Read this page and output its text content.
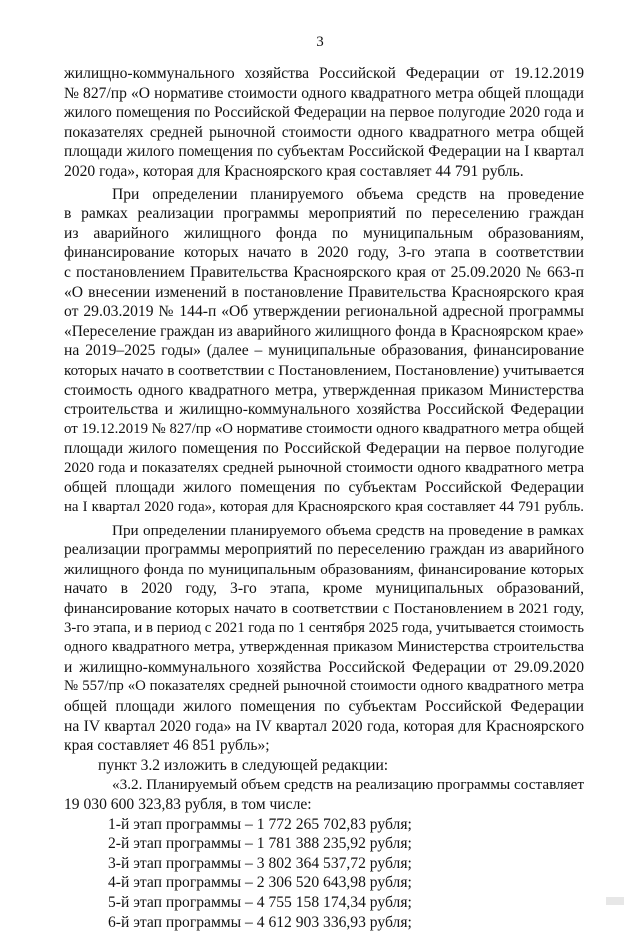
3
жилищно-коммунального хозяйства Российской Федерации от 19.12.2019
№ 827/пр «О нормативе стоимости одного квадратного метра общей площади
жилого помещения по Российской Федерации на первое полугодие 2020 года и
показателях средней рыночной стоимости одного квадратного метра общей
площади жилого помещения по субъектам Российской Федерации на I квартал
2020 года», которая для Красноярского края составляет 44 791 рубль.
При определении планируемого объема средств на проведение
в рамках реализации программы мероприятий по переселению граждан
из аварийного жилищного фонда по муниципальным образованиям,
финансирование которых начато в 2020 году, 3-го этапа в соответствии
с постановлением Правительства Красноярского края от 25.09.2020 № 663-п
«О внесении изменений в постановление Правительства Красноярского края
от 29.03.2019 № 144-п «Об утверждении региональной адресной программы
«Переселение граждан из аварийного жилищного фонда в Красноярском крае»
на 2019–2025 годы» (далее – муниципальные образования, финансирование
которых начато в соответствии с Постановлением, Постановление) учитывается
стоимость одного квадратного метра, утвержденная приказом Министерства
строительства и жилищно-коммунального хозяйства Российской Федерации
от 19.12.2019 № 827/пр «О нормативе стоимости одного квадратного метра общей
площади жилого помещения по Российской Федерации на первое полугодие
2020 года и показателях средней рыночной стоимости одного квадратного метра
общей площади жилого помещения по субъектам Российской Федерации
на I квартал 2020 года», которая для Красноярского края составляет 44 791 рубль.
При определении планируемого объема средств на проведение в рамках
реализации программы мероприятий по переселению граждан из аварийного
жилищного фонда по муниципальным образованиям, финансирование которых
начато в 2020 году, 3-го этапа, кроме муниципальных образований,
финансирование которых начато в соответствии с Постановлением в 2021 году,
3-го этапа, и в период с 2021 года по 1 сентября 2025 года, учитывается стоимость
одного квадратного метра, утвержденная приказом Министерства строительства
и жилищно-коммунального хозяйства Российской Федерации от 29.09.2020
№ 557/пр «О показателях средней рыночной стоимости одного квадратного метра
общей площади жилого помещения по субъектам Российской Федерации
на IV квартал 2020 года» на IV квартал 2020 года, которая для Красноярского
края составляет 46 851 рубль»;
пункт 3.2 изложить в следующей редакции:
«3.2. Планируемый объем средств на реализацию программы составляет
19 030 600 323,83 рубля, в том числе:
1-й этап программы – 1 772 265 702,83 рубля;
2-й этап программы – 1 781 388 235,92 рубля;
3-й этап программы – 3 802 364 537,72 рубля;
4-й этап программы – 2 306 520 643,98 рубля;
5-й этап программы – 4 755 158 174,34 рубля;
6-й этап программы – 4 612 903 336,93 рубля;
